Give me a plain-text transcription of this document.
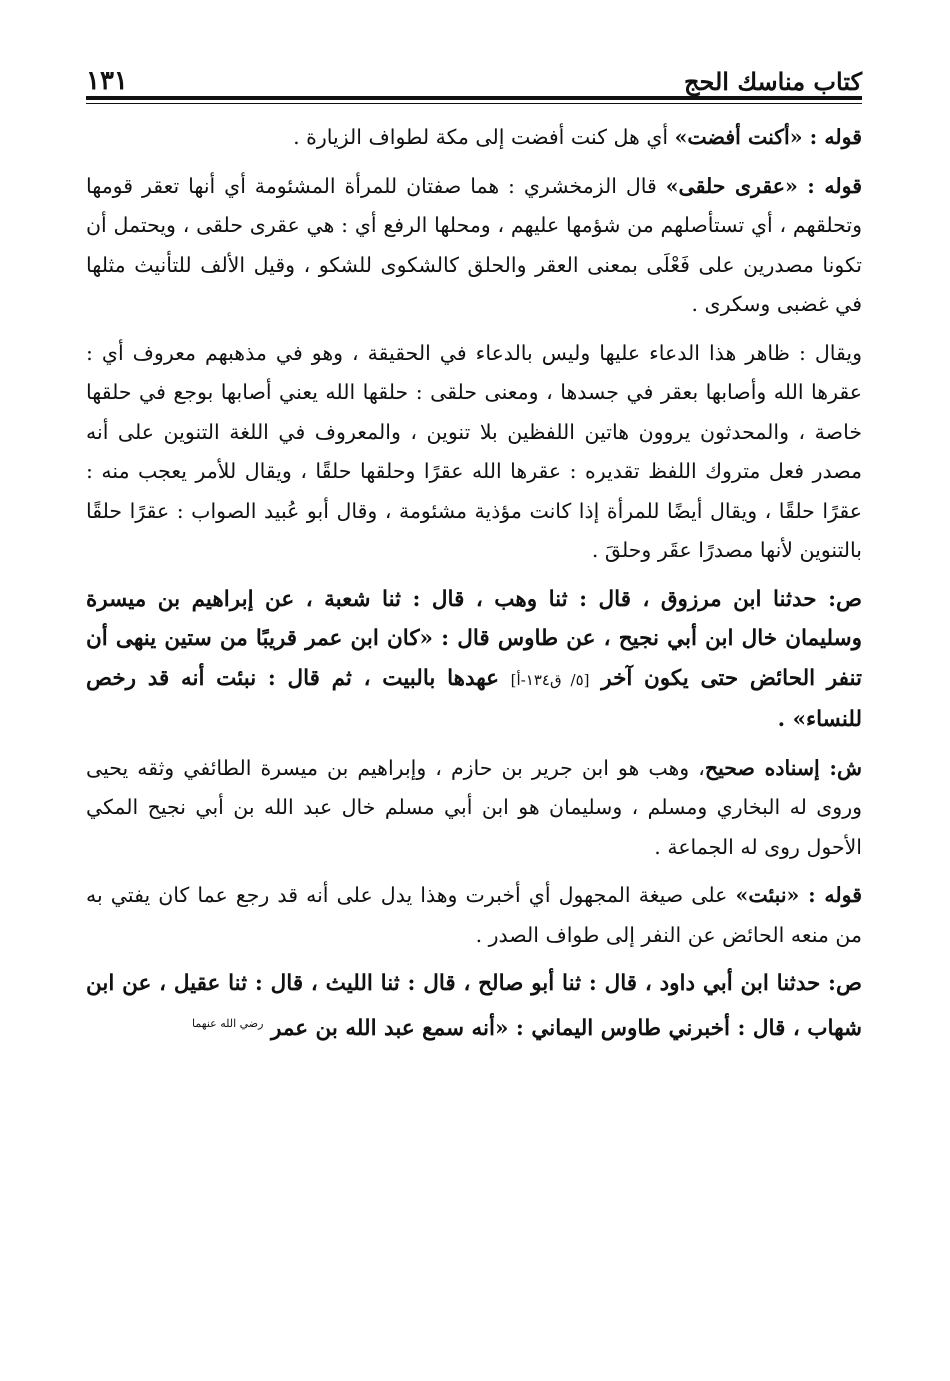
كتاب مناسك الحج
١٣١

قوله : «أكنت أفضت» أي هل كنت أفضت إلى مكة لطواف الزيارة .

قوله : «عقرى حلقى» قال الزمخشري : هما صفتان للمرأة المشئومة أي أنها تعقر قومها وتحلقهم ، أي تستأصلهم من شؤمها عليهم ، ومحلها الرفع أي : هي عقرى حلقى ، ويحتمل أن تكونا مصدرين على فَعْلَى بمعنى العقر والحلق كالشكوى للشكو ، وقيل الألف للتأنيث مثلها في غضبى وسكرى .

ويقال : ظاهر هذا الدعاء عليها وليس بالدعاء في الحقيقة ، وهو في مذهبهم معروف أي : عقرها الله وأصابها بعقر في جسدها ، ومعنى حلقى : حلقها الله يعني أصابها بوجع في حلقها خاصة ، والمحدثون يروون هاتين اللفظين بلا تنوين ، والمعروف في اللغة التنوين على أنه مصدر فعل متروك اللفظ تقديره : عقرها الله عقرًا وحلقها حلقًا ، ويقال للأمر يعجب منه : عقرًا حلقًا ، ويقال أيضًا للمرأة إذا كانت مؤذية مشئومة ، وقال أبو عُبيد الصواب : عقرًا حلقًا بالتنوين لأنها مصدرًا عقَر وحلقَ .

ص: حدثنا ابن مرزوق ، قال : ثنا وهب ، قال : ثنا شعبة ، عن إبراهيم بن ميسرة وسليمان خال ابن أبي نجيح ، عن طاوس قال : «كان ابن عمر قريبًا من ستين ينهى أن تنفر الحائض حتى يكون آخر [٥/ ق١٣٤-أ] عهدها بالبيت ، ثم قال : نبئت أنه قد رخص للنساء» .

ش: إسناده صحيح، وهب هو ابن جرير بن حازم ، وإبراهيم بن ميسرة الطائفي وثقه يحيى وروى له البخاري ومسلم ، وسليمان هو ابن أبي مسلم خال عبد الله بن أبي نجيح المكي الأحول روى له الجماعة .

قوله : «نبئت» على صيغة المجهول أي أخبرت وهذا يدل على أنه قد رجع عما كان يفتي به من منعه الحائض عن النفر إلى طواف الصدر .

ص: حدثنا ابن أبي داود ، قال : ثنا أبو صالح ، قال : ثنا الليث ، قال : ثنا عقيل ، عن ابن شهاب ، قال : أخبرني طاوس اليماني : «أنه سمع عبد الله بن عمر $^{رضي الله عنهما}$
